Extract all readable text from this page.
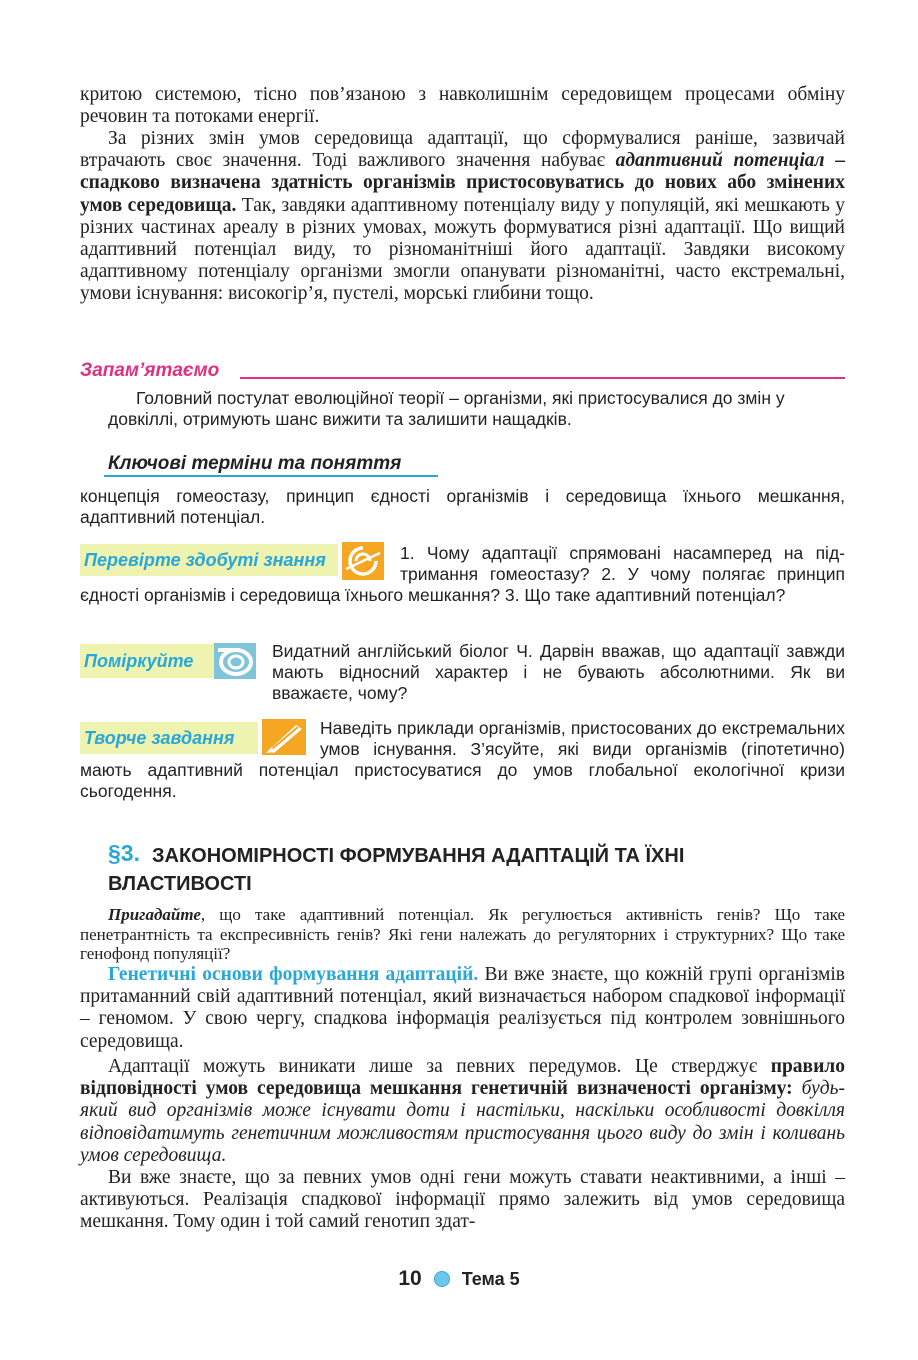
критою системою, тісно пов’язаною з навколишнім середовищем процесами обміну речовин та потоками енергії.
За різних змін умов середовища адаптації, що сформувалися раніше, зазвичай втрачають своє значення. Тоді важливого значення набуває адаптивний потенціал – спадково визначена здатність організмів пристосовуватись до нових або змінених умов середовища. Так, завдяки адаптивному потенціалу виду у популяцій, які мешкають у різних частинах ареалу в різних умовах, можуть формуватися різні адаптації. Що вищий адаптивний потенціал виду, то різноманітніші його адаптації. Завдяки високому адаптивному потенціалу організми змогли опанувати різноманітні, часто екстремальні, умови існування: високогір’я, пустелі, морські глибини тощо.
Запам’ятаємо
Головний постулат еволюційної теорії – організми, які пристосувалися до змін у довкіллі, отримують шанс вижити та залишити нащадків.
Ключові терміни та поняття
концепція гомеостазу, принцип єдності організмів і середовища їхнього мешкання, адаптивний потенціал.
Перевірте здобуті знання	1. Чому адаптації спрямовані насамперед на підтримання гомеостазу? 2. У чому полягає принцип єдності організмів і середовища їхнього мешкання? 3. Що таке адаптивний потенціал?
Поміркуйте	Видатний англійський біолог Ч. Дарвін вважав, що адаптації завжди мають відносний характер і не бувають абсолютними. Як ви вважаєте, чому?
Творче завдання	Наведіть приклади організмів, пристосованих до екстремальних умов існування. З’ясуйте, які види організмів (гіпотетично) мають адаптивний потенціал пристосуватися до умов глобальної екологічної кризи сьогодення.
§3. ЗАКОНОМІРНОСТІ ФОРМУВАННЯ АДАПТАЦІЙ ТА ЇХНІ ВЛАСТИВОСТІ
Пригадайте, що таке адаптивний потенціал. Як регулюється активність генів? Що таке пенетрантність та експресивність генів? Які гени належать до регуляторних і структурних? Що таке генофонд популяції?
Генетичні основи формування адаптацій. Ви вже знаєте, що кожній групі організмів притаманний свій адаптивний потенціал, який визначається набором спадкової інформації – геномом. У свою чергу, спадкова інформація реалізується під контролем зовнішнього середовища.
Адаптації можуть виникати лише за певних передумов. Це стверджує правило відповідності умов середовища мешкання генетичній визначеності організму: будь-який вид організмів може існувати доти і настільки, наскільки особливості довкілля відповідатимуть генетичним можливостям пристосування цього виду до змін і коливань умов середовища.
Ви вже знаєте, що за певних умов одні гени можуть ставати неактивними, а інші – активуються. Реалізація спадкової інформації прямо залежить від умов середовища мешкання. Тому один і той самий генотип здат-
10 Тема 5
